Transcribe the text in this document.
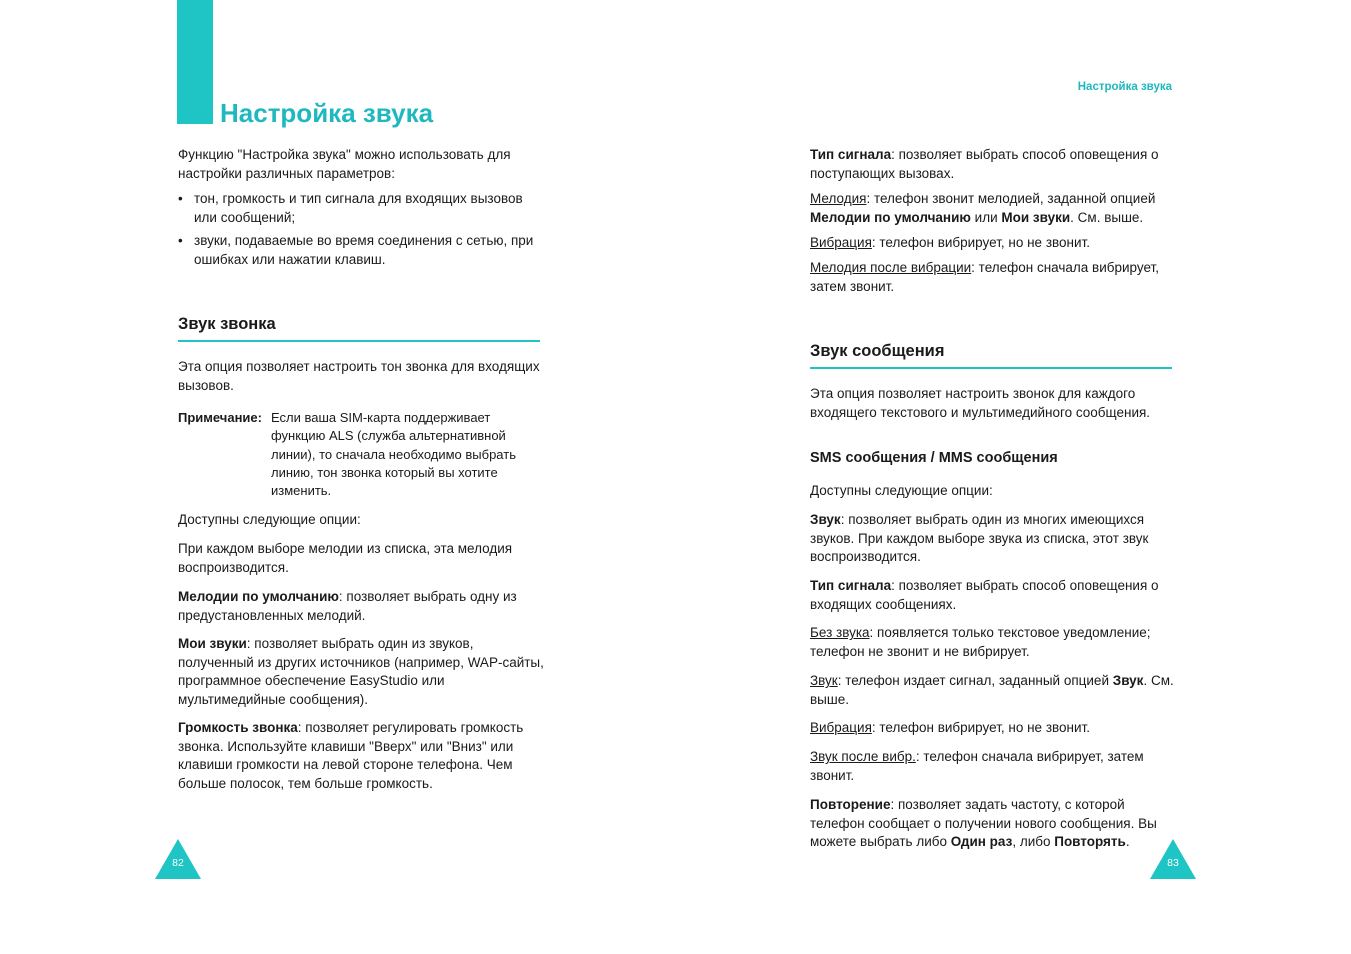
Настройка звука

Функцию "Настройка звука" можно использовать для настройки различных параметров:

• тон, громкость и тип сигнала для входящих вызовов или сообщений;
• звуки, подаваемые во время соединения с сетью, при ошибках или нажатии клавиш.
Звук звонка

Эта опция позволяет настроить тон звонка для входящих вызовов.

Примечание: Если ваша SIM-карта поддерживает функцию ALS (служба альтернативной линии), то сначала необходимо выбрать линию, тон звонка который вы хотите изменить.

Доступны следующие опции:

При каждом выборе мелодии из списка, эта мелодия воспроизводится.

Мелодии по умолчанию: позволяет выбрать одну из предустановленных мелодий.

Мои звуки: позволяет выбрать один из звуков, полученный из других источников (например, WAP-сайты, программное обеспечение EasyStudio или мультимедийные сообщения).

Громкость звонка: позволяет регулировать громкость звонка. Используйте клавиши "Вверх" или "Вниз" или клавиши громкости на левой стороне телефона. Чем больше полосок, тем больше громкость.

82
Настройка звука

Тип сигнала: позволяет выбрать способ оповещения о поступающих вызовах.

Мелодия: телефон звонит мелодией, заданной опцией Мелодии по умолчанию или Мои звуки. См. выше.

Вибрация: телефон вибрирует, но не звонит.

Мелодия после вибрации: телефон сначала вибрирует, затем звонит.

Звук сообщения

Эта опция позволяет настроить звонок для каждого входящего текстового и мультимедийного сообщения.

SMS сообщения / MMS сообщения

Доступны следующие опции:

Звук: позволяет выбрать один из многих имеющихся звуков. При каждом выборе звука из списка, этот звук воспроизводится.

Тип сигнала: позволяет выбрать способ оповещения о входящих сообщениях.

Без звука: появляется только текстовое уведомление; телефон не звонит и не вибрирует.

Звук: телефон издает сигнал, заданный опцией Звук. См. выше.

Вибрация: телефон вибрирует, но не звонит.

Звук после вибр.: телефон сначала вибрирует, затем звонит.

Повторение: позволяет задать частоту, с которой телефон сообщает о получении нового сообщения. Вы можете выбрать либо Один раз, либо Повторять.

83
